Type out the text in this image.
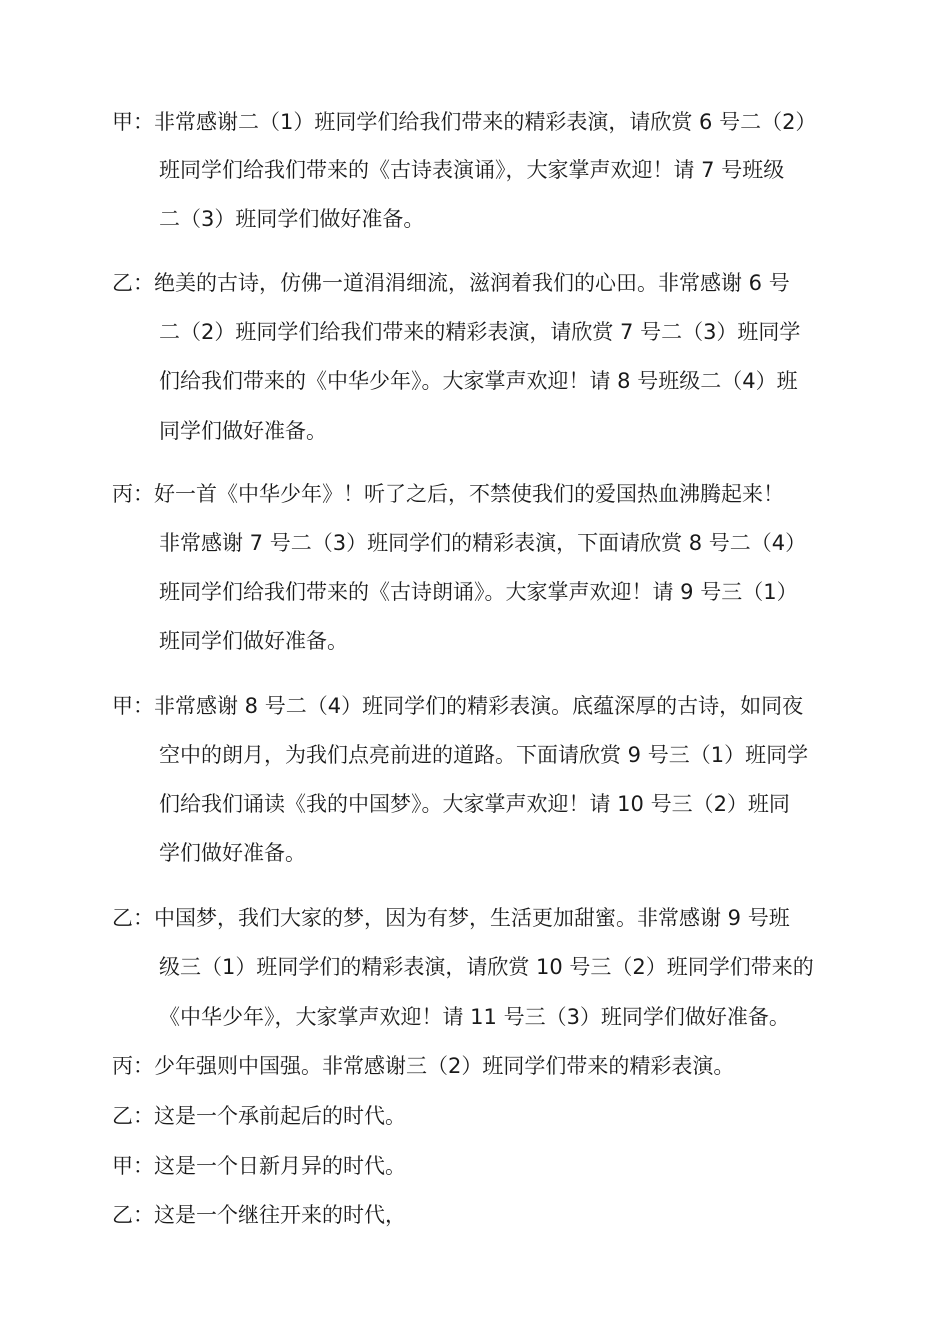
甲：非常感谢二（1）班同学们给我们带来的精彩表演，请欣赏 6 号二（2）
班同学们给我们带来的《古诗表演诵》，大家掌声欢迎！请 7 号班级
二（3）班同学们做好准备。
乙：绝美的古诗，仿佛一道涓涓细流，滋润着我们的心田。非常感谢 6 号
二（2）班同学们给我们带来的精彩表演，请欣赏 7 号二（3）班同学
们给我们带来的《中华少年》。大家掌声欢迎！请 8 号班级二（4）班
同学们做好准备。
丙：好一首《中华少年》！听了之后，不禁使我们的爱国热血沸腾起来！
非常感谢 7 号二（3）班同学们的精彩表演，下面请欣赏 8 号二（4）
班同学们给我们带来的《古诗朗诵》。大家掌声欢迎！请 9 号三（1）
班同学们做好准备。
甲：非常感谢 8 号二（4）班同学们的精彩表演。底蕴深厚的古诗，如同夜
空中的朗月，为我们点亮前进的道路。下面请欣赏 9 号三（1）班同学
们给我们诵读《我的中国梦》。大家掌声欢迎！请 10 号三（2）班同
学们做好准备。
乙：中国梦，我们大家的梦，因为有梦，生活更加甜蜜。非常感谢 9 号班
级三（1）班同学们的精彩表演，请欣赏 10 号三（2）班同学们带来的
《中华少年》，大家掌声欢迎！请 11 号三（3）班同学们做好准备。
丙：少年强则中国强。非常感谢三（2）班同学们带来的精彩表演。
乙：这是一个承前起后的时代。
甲：这是一个日新月异的时代。
乙：这是一个继往开来的时代，
